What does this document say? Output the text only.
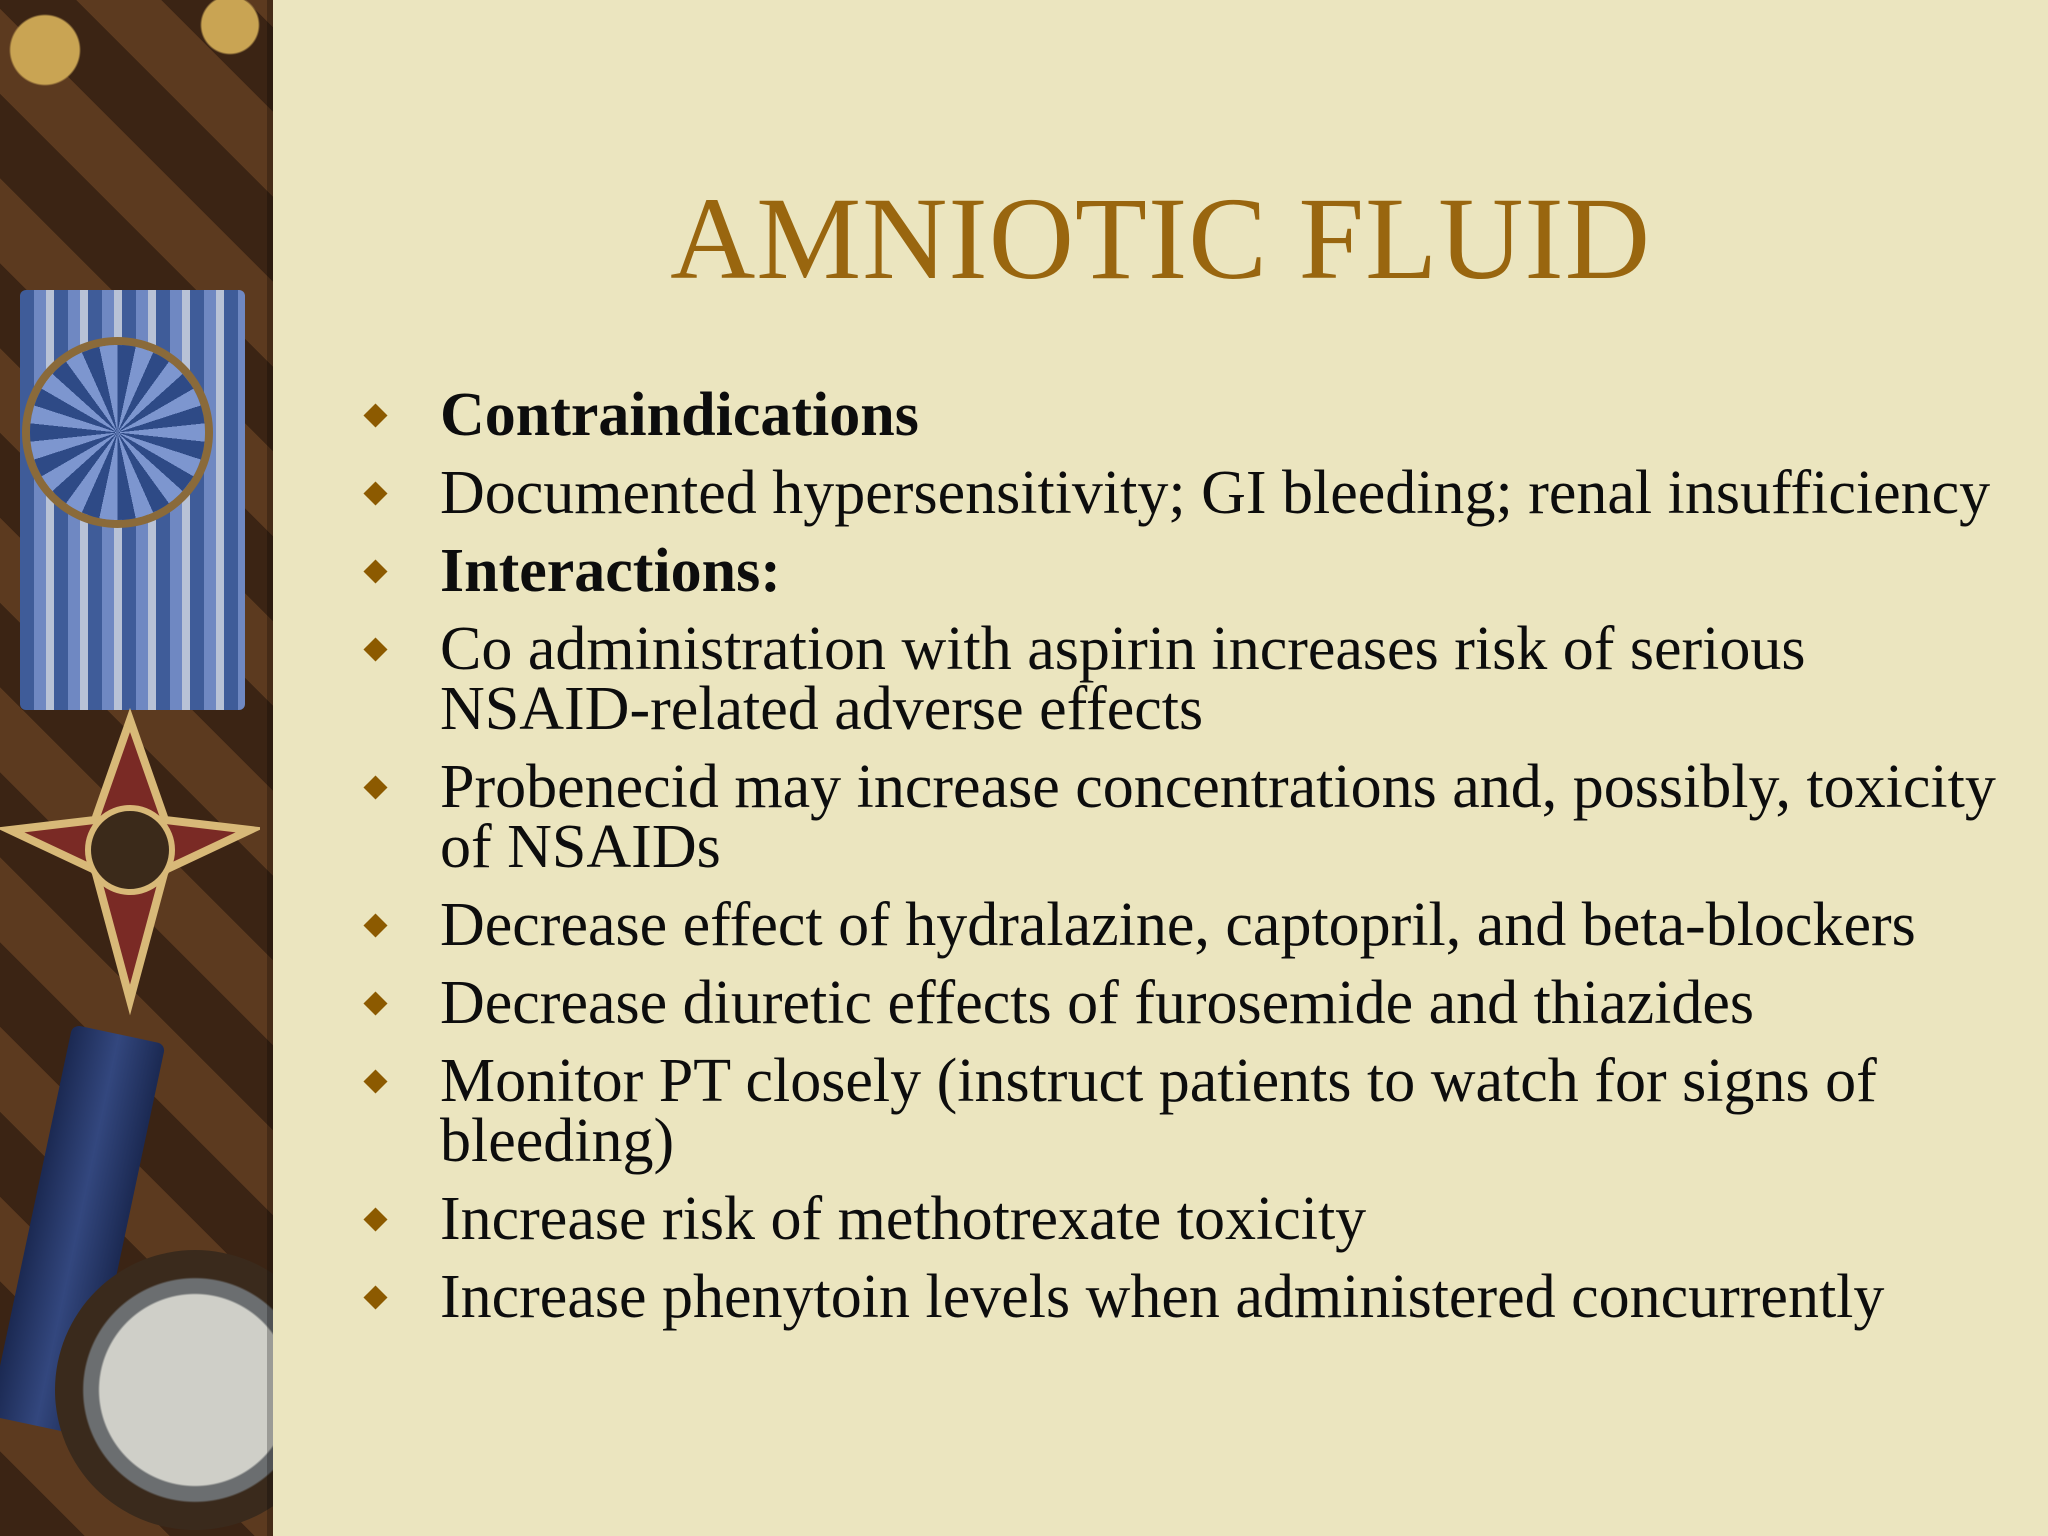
AMNIOTIC FLUID
Contraindications
Documented hypersensitivity; GI bleeding; renal insufficiency
Interactions:
Co administration with aspirin increases risk of serious NSAID-related adverse effects
Probenecid may increase concentrations and, possibly, toxicity of NSAIDs
Decrease effect of hydralazine, captopril, and beta-blockers
Decrease diuretic effects of furosemide and thiazides
Monitor PT closely (instruct patients to watch for signs of bleeding)
Increase risk of methotrexate toxicity
Increase phenytoin levels when administered concurrently
